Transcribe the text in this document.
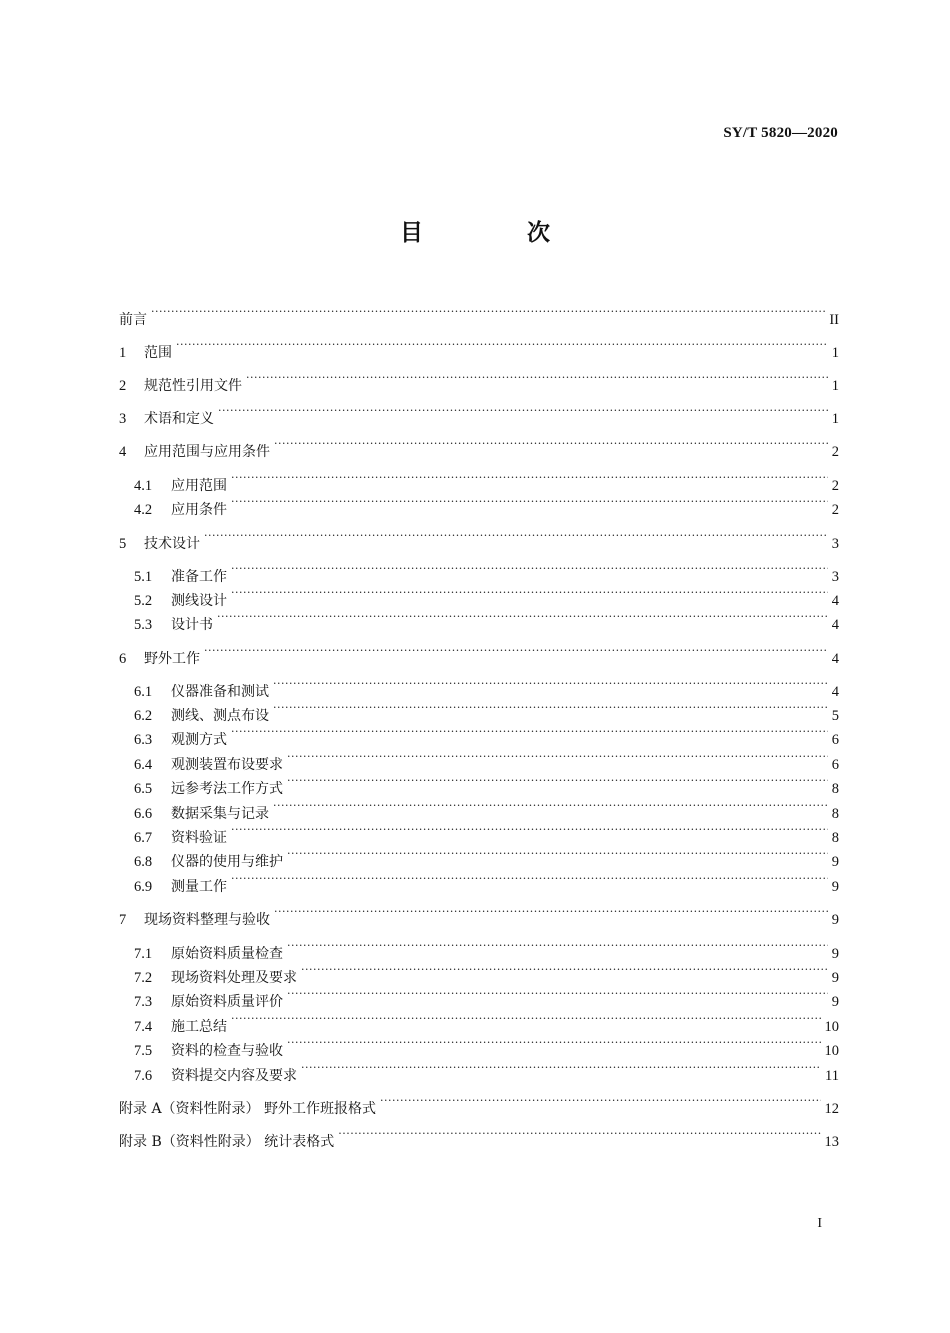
SY/T 5820—2020
目 次
前言 ·····	II
1	范围 ·····	1
2	规范性引用文件 ·····	1
3	术语和定义 ·····	1
4	应用范围与应用条件 ·····	2
4.1	应用范围 ·····	2
4.2	应用条件 ·····	2
5	技术设计 ·····	3
5.1	准备工作 ·····	3
5.2	测线设计 ·····	4
5.3	设计书 ·····	4
6	野外工作 ·····	4
6.1	仪器准备和测试 ·····	4
6.2	测线、测点布设 ·····	5
6.3	观测方式 ·····	6
6.4	观测装置布设要求 ·····	6
6.5	远参考法工作方式 ·····	8
6.6	数据采集与记录 ·····	8
6.7	资料验证 ·····	8
6.8	仪器的使用与维护 ·····	9
6.9	测量工作 ·····	9
7	现场资料整理与验收 ·····	9
7.1	原始资料质量检查 ·····	9
7.2	现场资料处理及要求 ·····	9
7.3	原始资料质量评价 ·····	9
7.4	施工总结 ·····	10
7.5	资料的检查与验收 ·····	10
7.6	资料提交内容及要求 ·····	11
附录 A（资料性附录） 野外工作班报格式 ·····	12
附录 B（资料性附录） 统计表格式 ·····	13
I
